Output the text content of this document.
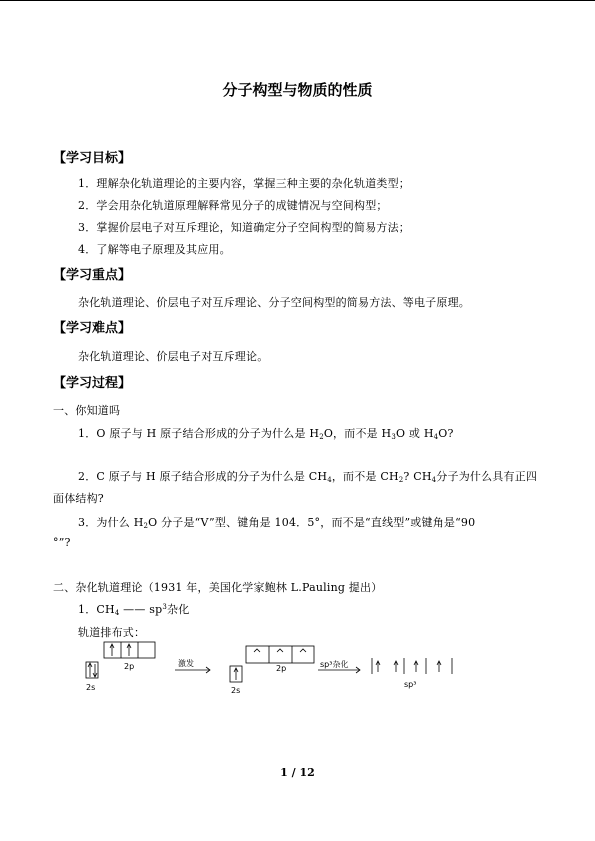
分子构型与物质的性质
【学习目标】
1．理解杂化轨道理论的主要内容，掌握三种主要的杂化轨道类型；
2．学会用杂化轨道原理解释常见分子的成键情况与空间构型；
3．掌握价层电子对互斥理论，知道确定分子空间构型的简易方法；
4．了解等电子原理及其应用。
【学习重点】
杂化轨道理论、价层电子对互斥理论、分子空间构型的简易方法、等电子原理。
【学习难点】
杂化轨道理论、价层电子对互斥理论。
【学习过程】
一、你知道吗
1．O 原子与 H 原子结合形成的分子为什么是 $H_2O$，而不是 $H_3O$ 或 $H_4O$?
2．C 原子与 H 原子结合形成的分子为什么是 $CH_4$，而不是 $CH_2$? $CH_4$分子为什么具有正四
面体结构?
3．为什么 $H_2O$ 分子是“V”型、键角是 104．5°，而不是“直线型”或键角是“90
°”?
二、杂化轨道理论（1931 年，美国化学家鲍林 L.Pauling 提出）
1．$CH_4$ —— $sp^3$杂化
轨道排布式：
2s
2p	激发
2s
2p	sp³杂化
sp³
1 / 12
